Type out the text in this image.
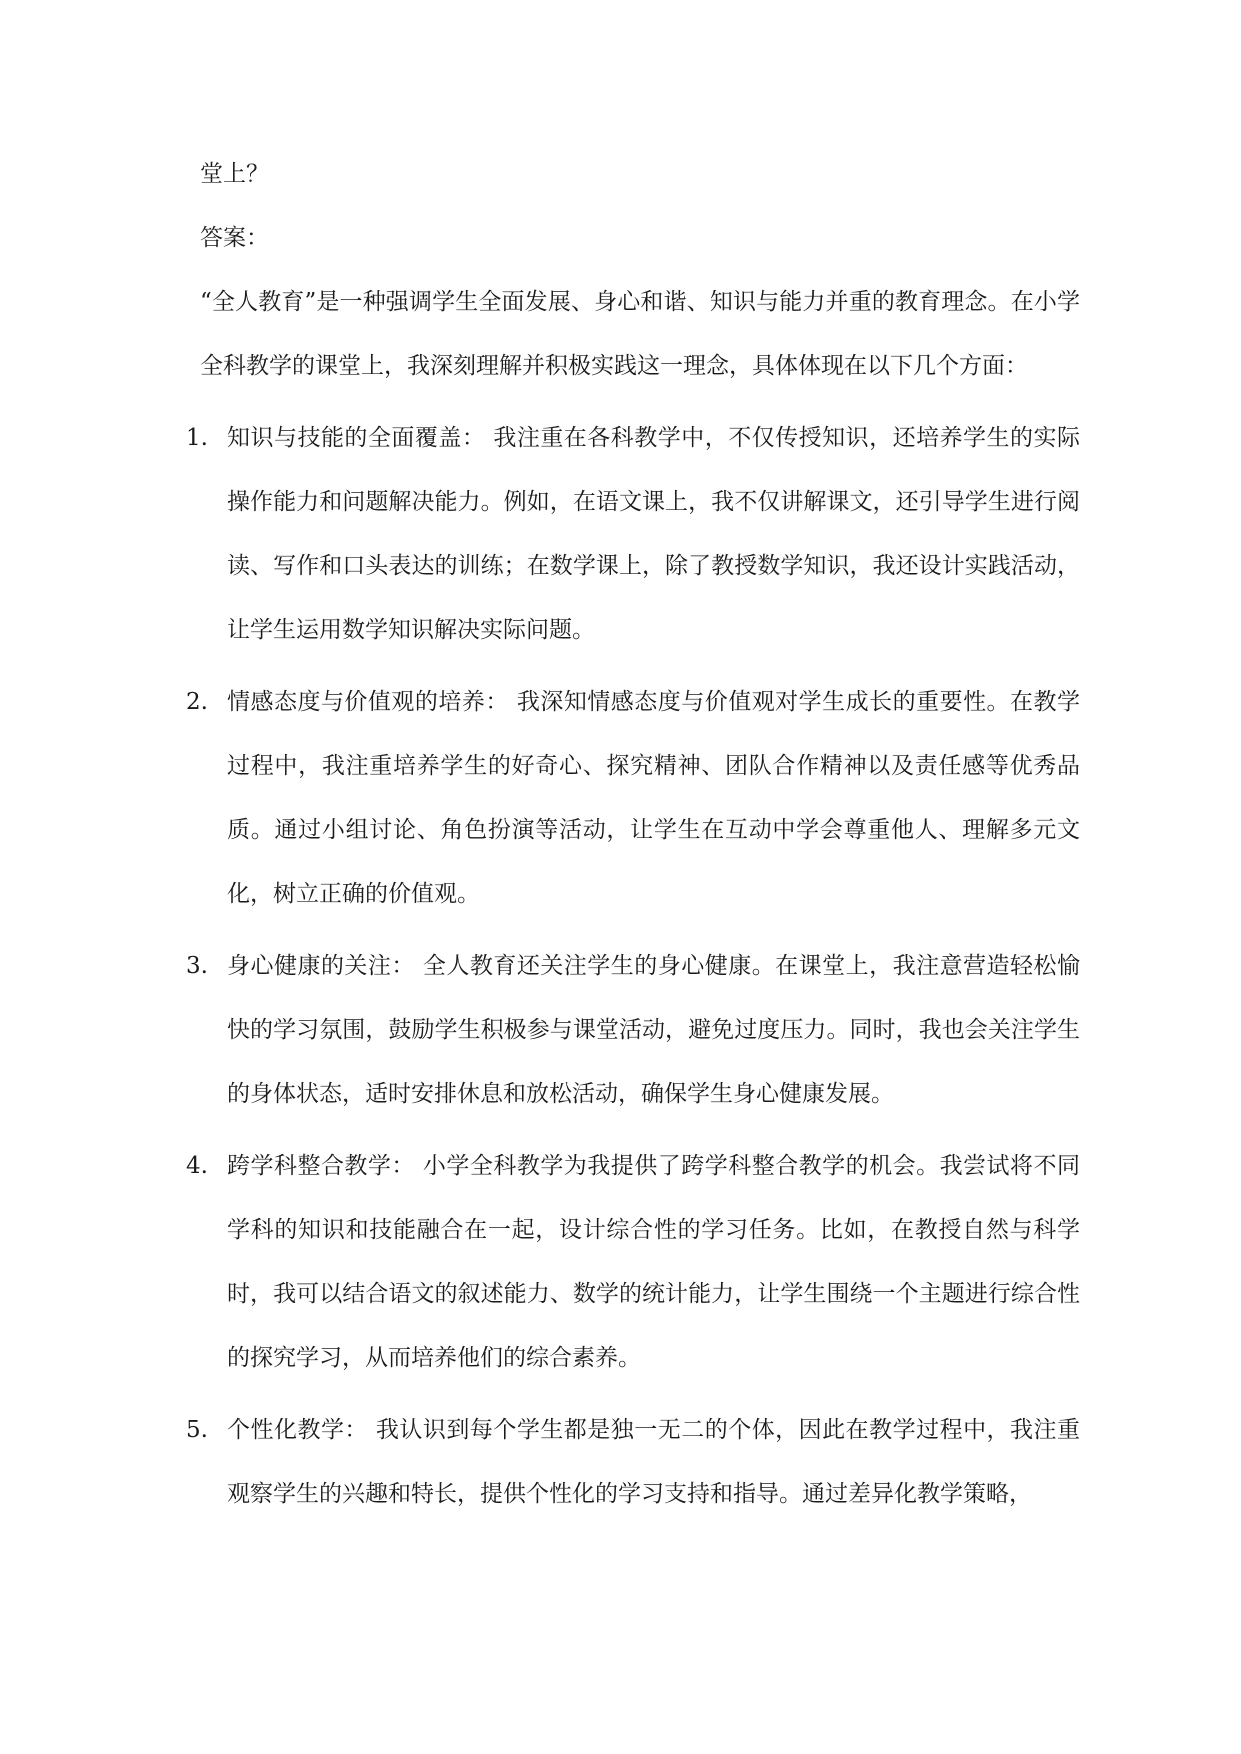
堂上？

答案：

“全人教育”是一种强调学生全面发展、身心和谐、知识与能力并重的教育理念。在小学全科教学的课堂上，我深刻理解并积极实践这一理念，具体体现在以下几个方面：

1. 知识与技能的全面覆盖： 我注重在各科教学中，不仅传授知识，还培养学生的实际操作能力和问题解决能力。例如，在语文课上，我不仅讲解课文，还引导学生进行阅读、写作和口头表达的训练；在数学课上，除了教授数学知识，我还设计实践活动，让学生运用数学知识解决实际问题。
2. 情感态度与价值观的培养： 我深知情感态度与价值观对学生成长的重要性。在教学过程中，我注重培养学生的好奇心、探究精神、团队合作精神以及责任感等优秀品质。通过小组讨论、角色扮演等活动，让学生在互动中学会尊重他人、理解多元文化，树立正确的价值观。
3. 身心健康的关注： 全人教育还关注学生的身心健康。在课堂上，我注意营造轻松愉快的学习氛围，鼓励学生积极参与课堂活动，避免过度压力。同时，我也会关注学生的身体状态，适时安排休息和放松活动，确保学生身心健康发展。
4. 跨学科整合教学： 小学全科教学为我提供了跨学科整合教学的机会。我尝试将不同学科的知识和技能融合在一起，设计综合性的学习任务。比如，在教授自然与科学时，我可以结合语文的叙述能力、数学的统计能力，让学生围绕一个主题进行综合性的探究学习，从而培养他们的综合素养。
5. 个性化教学： 我认识到每个学生都是独一无二的个体，因此在教学过程中，我注重观察学生的兴趣和特长，提供个性化的学习支持和指导。通过差异化教学策略，
